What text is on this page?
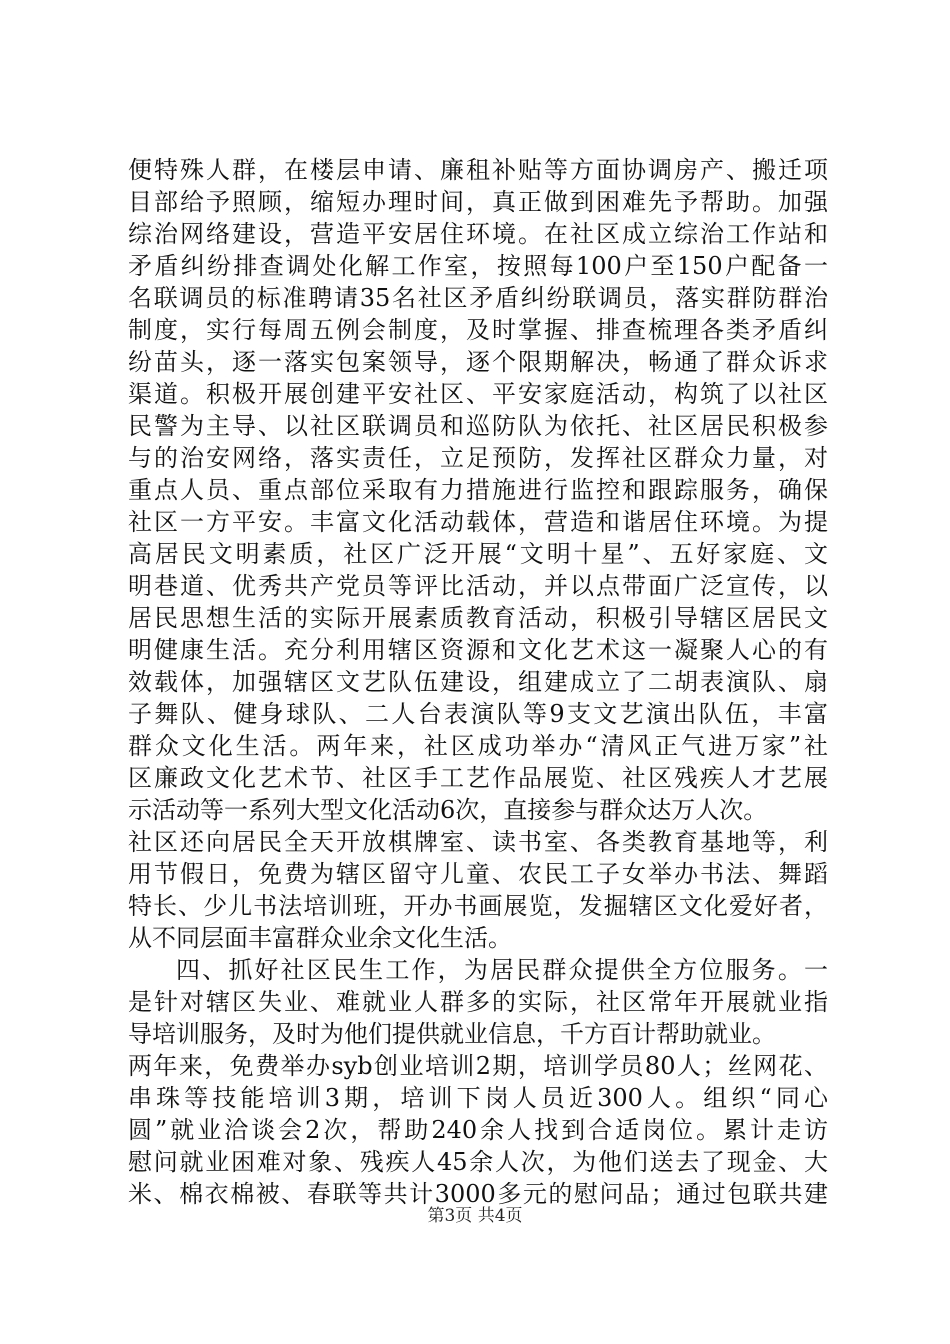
便特殊人群，在楼层申请、廉租补贴等方面协调房产、搬迁项
目部给予照顾，缩短办理时间，真正做到困难先予帮助。加强
综治网络建设，营造平安居住环境。在社区成立综治工作站和
矛盾纠纷排查调处化解工作室，按照每100户至150户配备一
名联调员的标准聘请35名社区矛盾纠纷联调员，落实群防群治
制度，实行每周五例会制度，及时掌握、排查梳理各类矛盾纠
纷苗头，逐一落实包案领导，逐个限期解决，畅通了群众诉求
渠道。积极开展创建平安社区、平安家庭活动，构筑了以社区
民警为主导、以社区联调员和巡防队为依托、社区居民积极参
与的治安网络，落实责任，立足预防，发挥社区群众力量，对
重点人员、重点部位采取有力措施进行监控和跟踪服务，确保
社区一方平安。丰富文化活动载体，营造和谐居住环境。为提
高居民文明素质，社区广泛开展“文明十星”、五好家庭、文
明巷道、优秀共产党员等评比活动，并以点带面广泛宣传，以
居民思想生活的实际开展素质教育活动，积极引导辖区居民文
明健康生活。充分利用辖区资源和文化艺术这一凝聚人心的有
效载体，加强辖区文艺队伍建设，组建成立了二胡表演队、扇
子舞队、健身球队、二人台表演队等9支文艺演出队伍，丰富
群众文化生活。两年来，社区成功举办“清风正气进万家”社
区廉政文化艺术节、社区手工艺作品展览、社区残疾人才艺展
示活动等一系列大型文化活动6次，直接参与群众达万人次。
社区还向居民全天开放棋牌室、读书室、各类教育基地等，利
用节假日，免费为辖区留守儿童、农民工子女举办书法、舞蹈
特长、少儿书法培训班，开办书画展览，发掘辖区文化爱好者，
从不同层面丰富群众业余文化生活。
四、抓好社区民生工作，为居民群众提供全方位服务。一
是针对辖区失业、难就业人群多的实际，社区常年开展就业指
导培训服务，及时为他们提供就业信息，千方百计帮助就业。
两年来，免费举办syb创业培训2期，培训学员80人；丝网花、
串珠等技能培训3期，培训下岗人员近300人。组织“同心
圆”就业洽谈会2次，帮助240余人找到合适岗位。累计走访
慰问就业困难对象、残疾人45余人次，为他们送去了现金、大
米、棉衣棉被、春联等共计3000多元的慰问品；通过包联共建
第3页 共4页
